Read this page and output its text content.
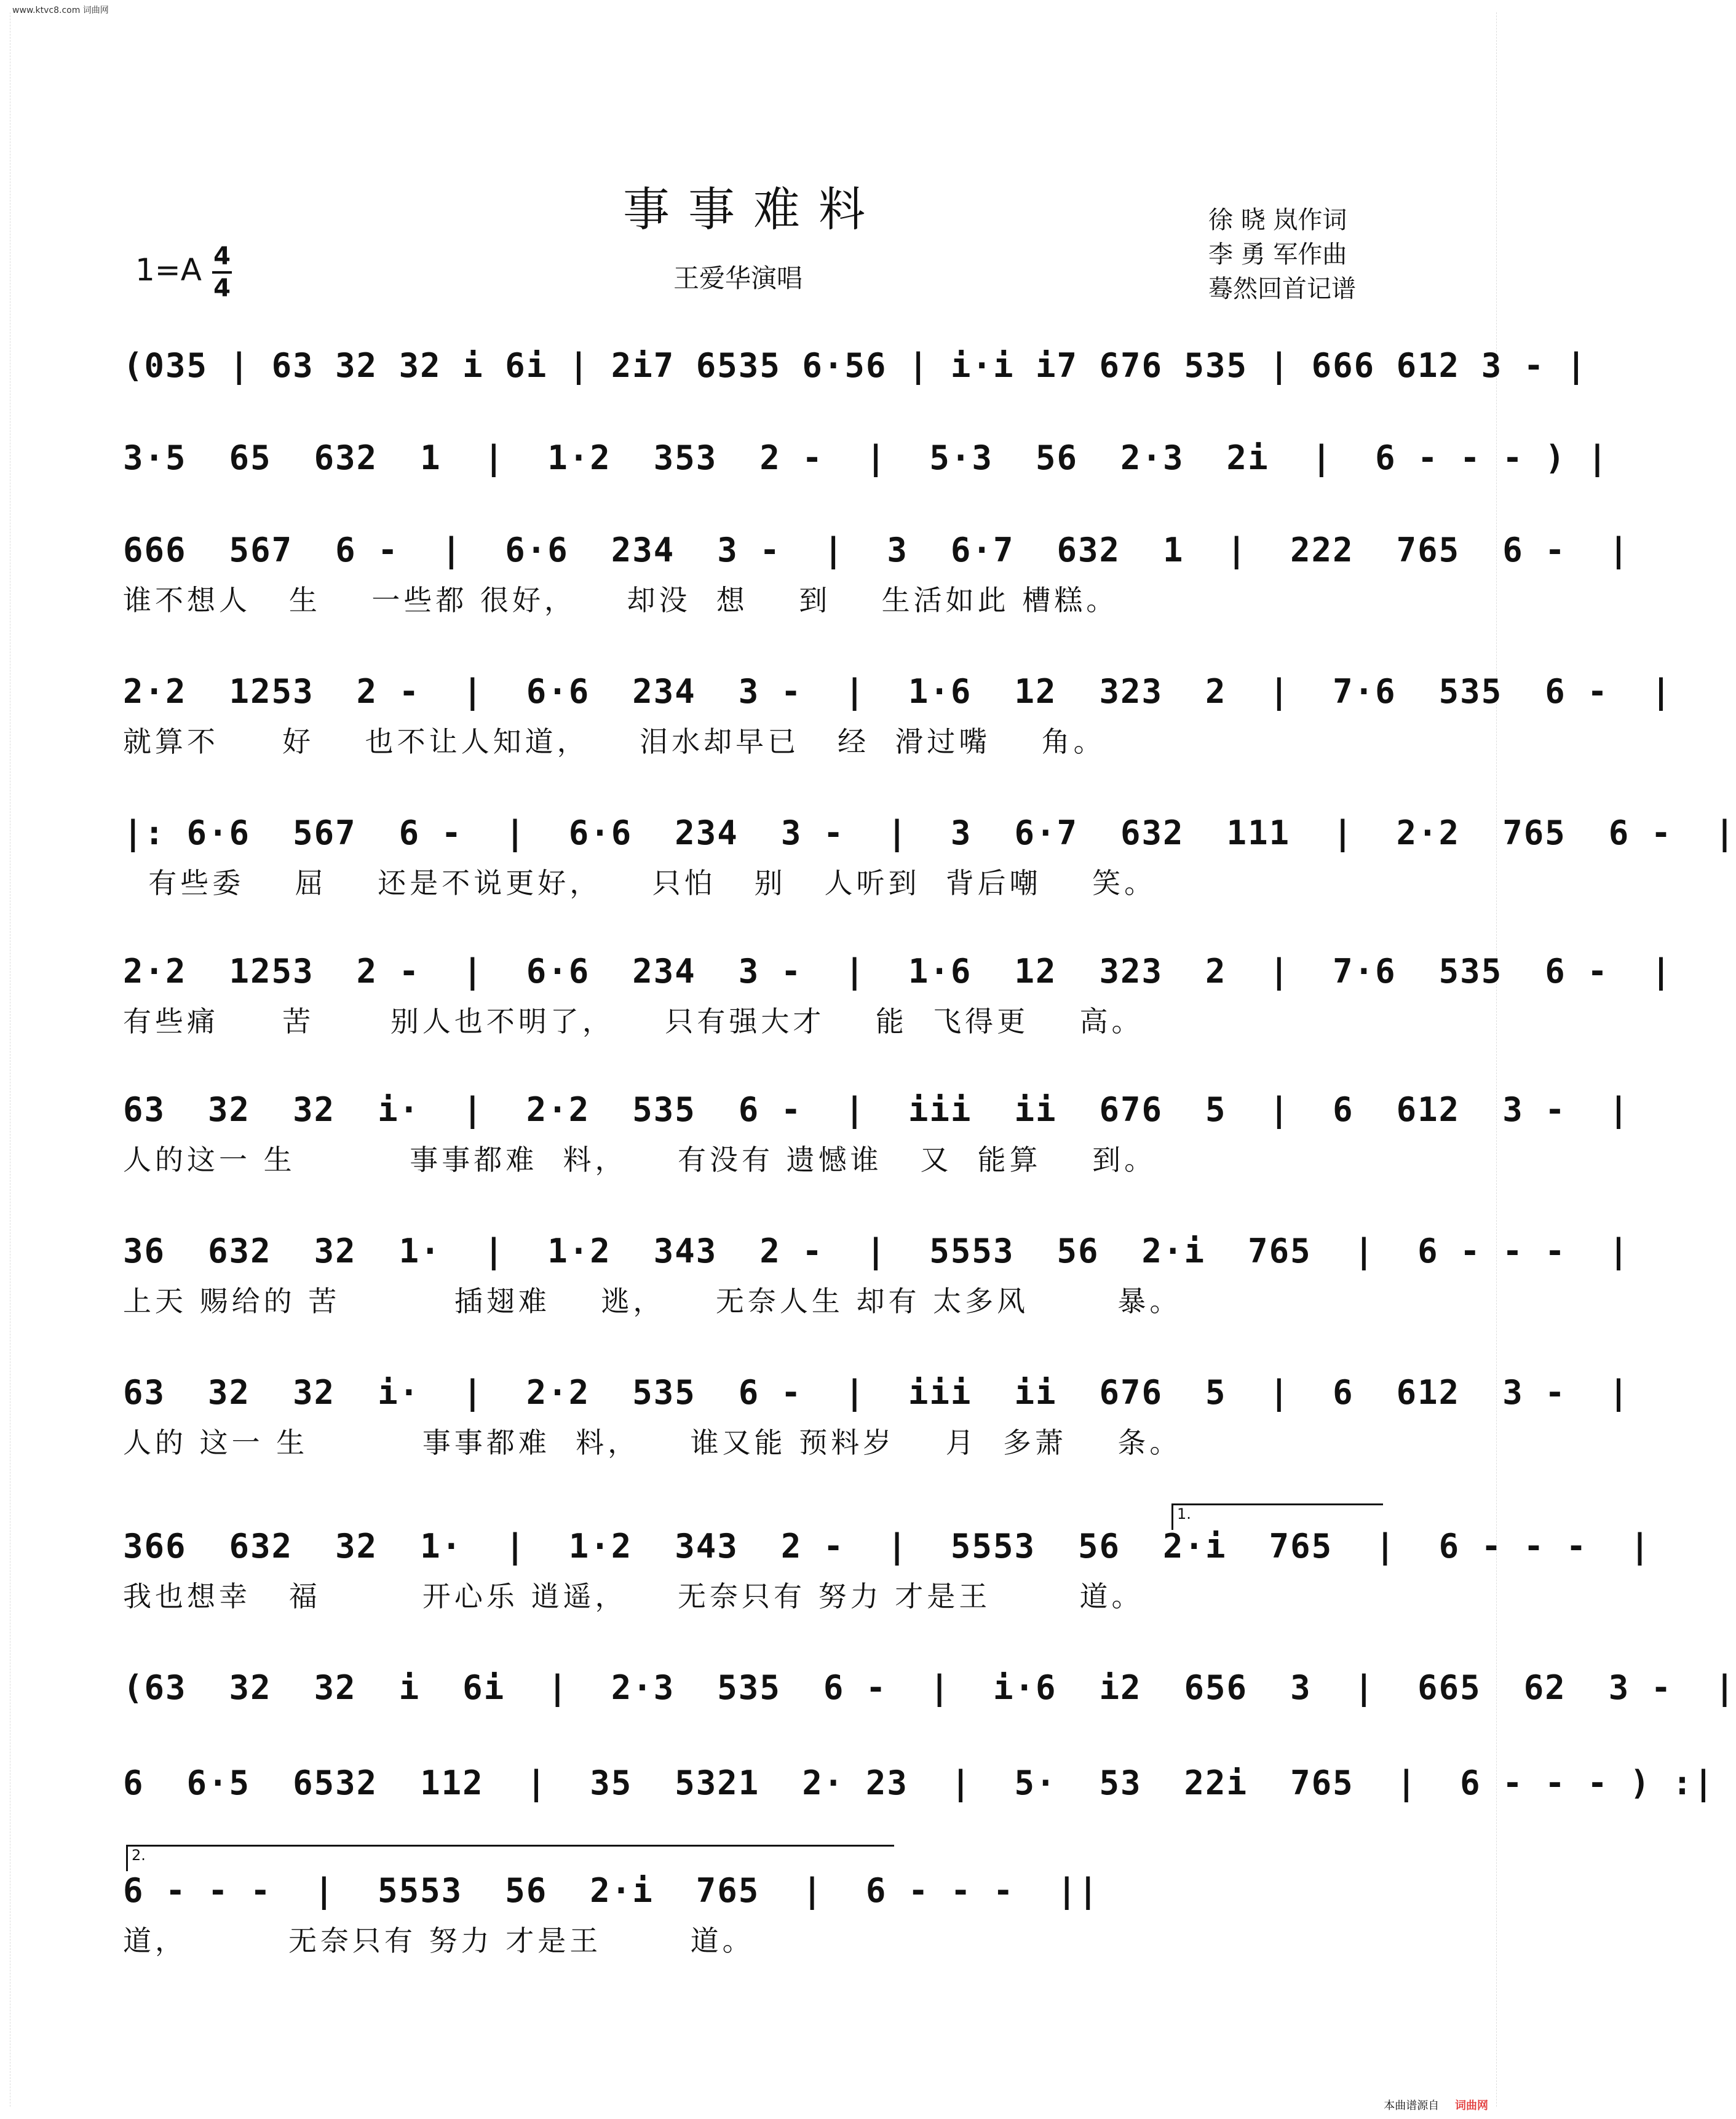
www.ktvc8.com 词曲网
事事难料
1=A 4
4	王爱华演唱
徐 晓 岚作词
李 勇 军作曲
蓦然回首记谱
(035 | 63 32 32 i 6i | 2i7 6535 6·56 | i·i i7 676 535 | 666 612 3 - |
3·5  65  632  1  |  1·2  353  2 -  |  5·3  56  2·3  2i  |  6 - - - ) |
666  567  6 -  |  6·6  234  3 -  |  3  6·7  632  1  |  222  765  6 -  |
谁不想人   生    一些都 很好，    却没  想    到    生活如此 槽糕。
2·2  1253  2 -  |  6·6  234  3 -  |  1·6  12  323  2  |  7·6  535  6 -  |
就算不     好    也不让人知道，    泪水却早已   经  滑过嘴    角。
|: 6·6  567  6 -  |  6·6  234  3 -  |  3  6·7  632  111  |  2·2  765  6 -  |
有些委    屈    还是不说更好，    只怕   别   人听到  背后嘲    笑。
2·2  1253  2 -  |  6·6  234  3 -  |  1·6  12  323  2  |  7·6  535  6 -  |
有些痛     苦      别人也不明了，    只有强大才    能  飞得更    高。
63  32  32  i·  |  2·2  535  6 -  |  iii  ii  676  5  |  6  612  3 -  |
人的这一 生         事事都难  料，    有没有 遗憾谁   又  能算    到。
36  632  32  1·  |  1·2  343  2 -  |  5553  56  2·i  765  |  6 - - -  |
上天 赐给的 苦         插翅难    逃，    无奈人生 却有 太多风       暴。
63  32  32  i·  |  2·2  535  6 -  |  iii  ii  676  5  |  6  612  3 -  |
人的 这一 生         事事都难  料，    谁又能 预料岁    月  多萧    条。
1.
366  632  32  1·  |  1·2  343  2 -  |  5553  56  2·i  765  |  6 - - -  |
我也想幸   福        开心乐 逍遥，    无奈只有 努力 才是王       道。
(63  32  32  i  6i  |  2·3  535  6 -  |  i·6  i2  656  3  |  665  62  3 -  |
6  6·5  6532  112  |  35  5321  2· 23  |  5·  53  22i  765  |  6 - - - ) :|
2.
6 - - -  |  5553  56  2·i  765  |  6 - - -  ||
道，        无奈只有 努力 才是王       道。
本曲谱源自 词曲网
